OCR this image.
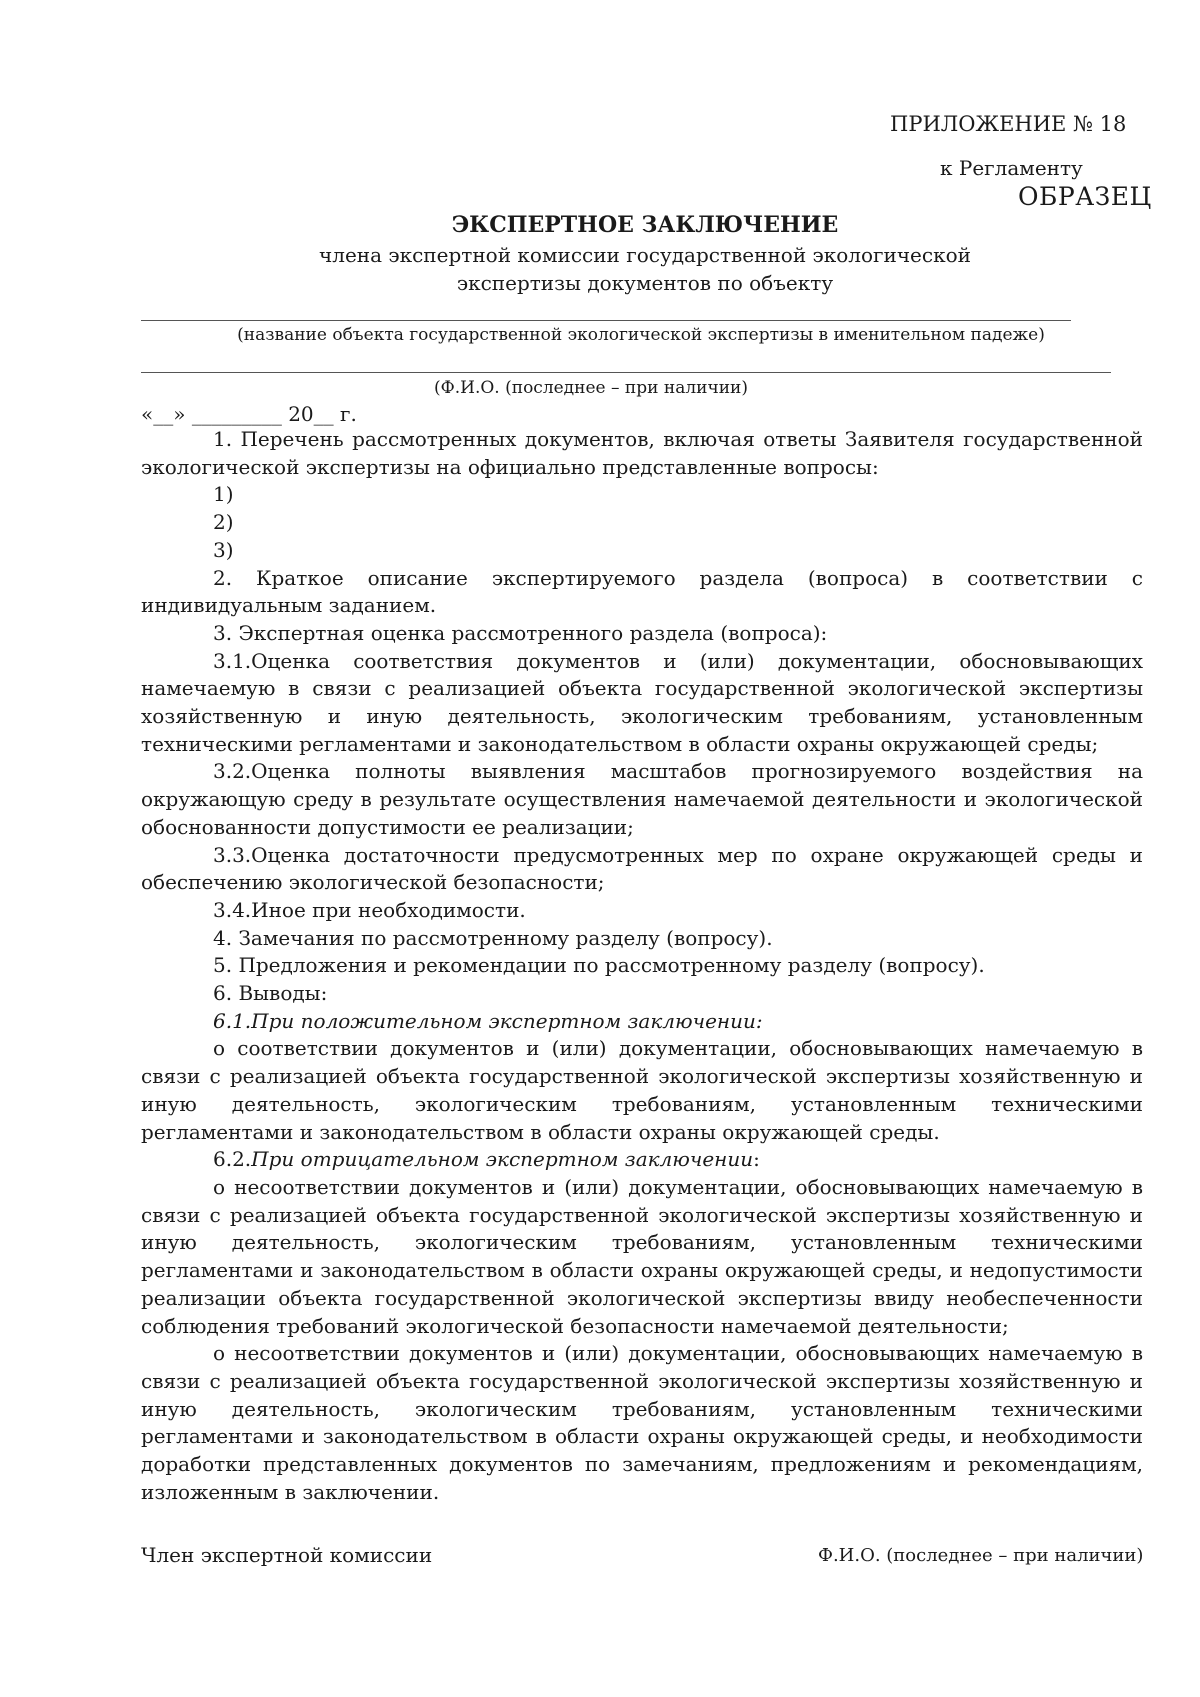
ПРИЛОЖЕНИЕ № 18
к Регламенту
ОБРАЗЕЦ
ЭКСПЕРТНОЕ ЗАКЛЮЧЕНИЕ
члена экспертной комиссии государственной экологической
экспертизы документов по объекту
(название объекта государственной экологической экспертизы в именительном падеже)
(Ф.И.О. (последнее – при наличии)
«__» _________ 20__ г.

1. Перечень рассмотренных документов, включая ответы Заявителя государственной экологической экспертизы на официально представленные вопросы:

1)

2)

3)

2. Краткое описание экспертируемого раздела (вопроса) в соответствии с индивидуальным заданием.

3. Экспертная оценка рассмотренного раздела (вопроса):

3.1.Оценка соответствия документов и (или) документации, обосновывающих намечаемую в связи с реализацией объекта государственной экологической экспертизы хозяйственную и иную деятельность, экологическим требованиям, установленным техническими регламентами и законодательством в области охраны окружающей среды;

3.2.Оценка полноты выявления масштабов прогнозируемого воздействия на окружающую среду в результате осуществления намечаемой деятельности и экологической обоснованности допустимости ее реализации;

3.3.Оценка достаточности предусмотренных мер по охране окружающей среды и обеспечению экологической безопасности;

3.4.Иное при необходимости.

4. Замечания по рассмотренному разделу (вопросу).

5. Предложения и рекомендации по рассмотренному разделу (вопросу).

6. Выводы:

6.1.При положительном экспертном заключении:

о соответствии документов и (или) документации, обосновывающих намечаемую в связи с реализацией объекта государственной экологической экспертизы хозяйственную и иную деятельность, экологическим требованиям, установленным техническими регламентами и законодательством в области охраны окружающей среды.

6.2.При отрицательном экспертном заключении:

о несоответствии документов и (или) документации, обосновывающих намечаемую в связи с реализацией объекта государственной экологической экспертизы хозяйственную и иную деятельность, экологическим требованиям, установленным техническими регламентами и законодательством в области охраны окружающей среды, и недопустимости реализации объекта государственной экологической экспертизы ввиду необеспеченности соблюдения требований экологической безопасности намечаемой деятельности;

о несоответствии документов и (или) документации, обосновывающих намечаемую в связи с реализацией объекта государственной экологической экспертизы хозяйственную и иную деятельность, экологическим требованиям, установленным техническими регламентами и законодательством в области охраны окружающей среды, и необходимости доработки представленных документов по замечаниям, предложениям и рекомендациям, изложенным в заключении.

Член экспертной комиссии	Ф.И.О. (последнее – при наличии)
